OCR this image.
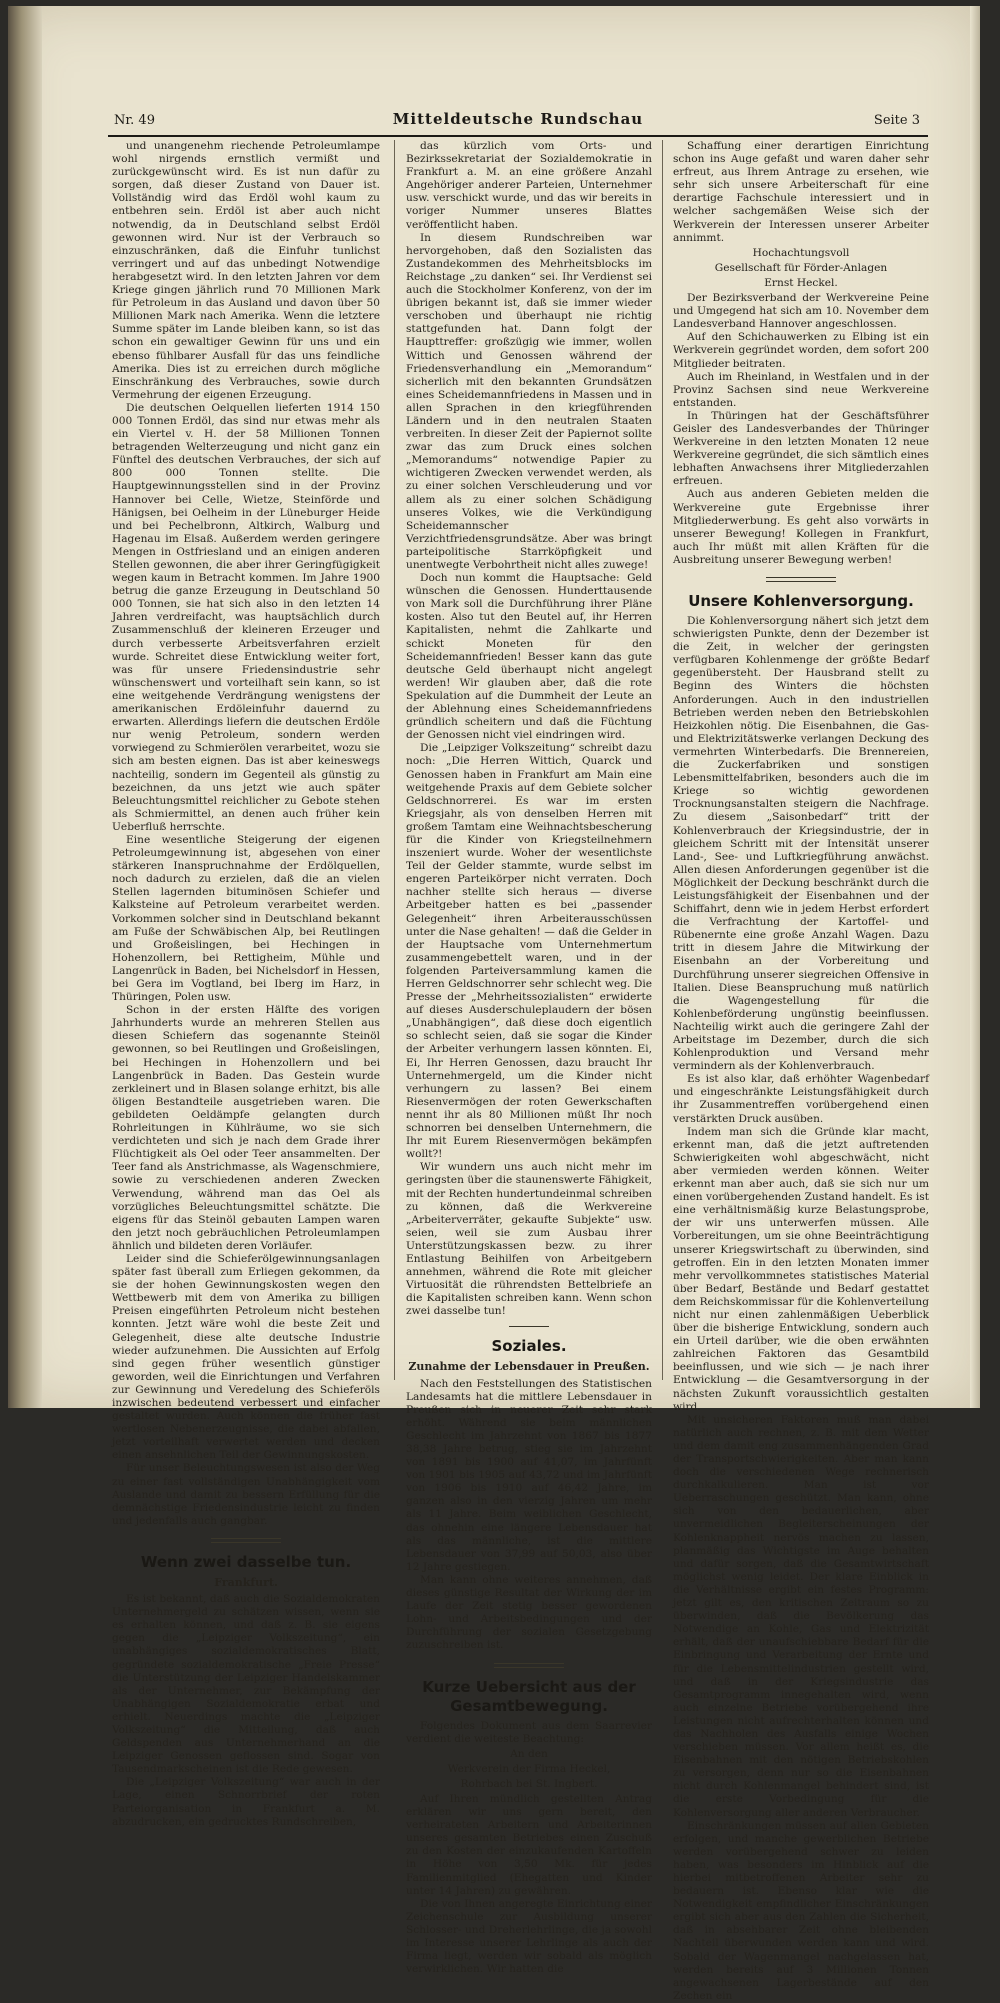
Nr. 49	Mitteldeutsche Rundschau	Seite 3

und unangenehm riechende Petroleumlampe wohl nirgends ernstlich vermißt und zurückgewünscht wird. Es ist nun dafür zu sorgen, daß dieser Zustand von Dauer ist. Vollständig wird das Erdöl wohl kaum zu entbehren sein. Erdöl ist aber auch nicht notwendig, da in Deutschland selbst Erdöl gewonnen wird. Nur ist der Verbrauch so einzuschränken, daß die Einfuhr tunlichst verringert und auf das unbedingt Notwendige herabgesetzt wird. In den letzten Jahren vor dem Kriege gingen jährlich rund 70 Millionen Mark für Petroleum in das Ausland und davon über 50 Millionen Mark nach Amerika. Wenn die letztere Summe später im Lande bleiben kann, so ist das schon ein gewaltiger Gewinn für uns und ein ebenso fühlbarer Ausfall für das uns feindliche Amerika. Dies ist zu erreichen durch mögliche Einschränkung des Verbrauches, sowie durch Vermehrung der eigenen Erzeugung.

Die deutschen Oelquellen lieferten 1914 150 000 Tonnen Erdöl, das sind nur etwas mehr als ein Viertel v. H. der 58 Millionen Tonnen betragenden Welterzeugung und nicht ganz ein Fünftel des deutschen Verbrauches, der sich auf 800 000 Tonnen stellte. Die Hauptgewinnungsstellen sind in der Provinz Hannover bei Celle, Wietze, Steinförde und Hänigsen, bei Oelheim in der Lüneburger Heide und bei Pechelbronn, Altkirch, Walburg und Hagenau im Elsaß. Außerdem werden geringere Mengen in Ostfriesland und an einigen anderen Stellen gewonnen, die aber ihrer Geringfügigkeit wegen kaum in Betracht kommen. Im Jahre 1900 betrug die ganze Erzeugung in Deutschland 50 000 Tonnen, sie hat sich also in den letzten 14 Jahren verdreifacht, was hauptsächlich durch Zusammenschluß der kleineren Erzeuger und durch verbesserte Arbeitsverfahren erzielt wurde. Schreitet diese Entwicklung weiter fort, was für unsere Friedensindustrie sehr wünschenswert und vorteilhaft sein kann, so ist eine weitgehende Verdrängung wenigstens der amerikanischen Erdöleinfuhr dauernd zu erwarten. Allerdings liefern die deutschen Erdöle nur wenig Petroleum, sondern werden vorwiegend zu Schmierölen verarbeitet, wozu sie sich am besten eignen. Das ist aber keineswegs nachteilig, sondern im Gegenteil als günstig zu bezeichnen, da uns jetzt wie auch später Beleuchtungsmittel reichlicher zu Gebote stehen als Schmiermittel, an denen auch früher kein Ueberfluß herrschte.

Eine wesentliche Steigerung der eigenen Petroleumgewinnung ist, abgesehen von einer stärkeren Inanspruchnahme der Erdölquellen, noch dadurch zu erzielen, daß die an vielen Stellen lagernden bituminösen Schiefer und Kalksteine auf Petroleum verarbeitet werden. Vorkommen solcher sind in Deutschland bekannt am Fuße der Schwäbischen Alp, bei Reutlingen und Großeislingen, bei Hechingen in Hohenzollern, bei Rettigheim, Mühle und Langenrück in Baden, bei Nichelsdorf in Hessen, bei Gera im Vogtland, bei Iberg im Harz, in Thüringen, Polen usw.

Schon in der ersten Hälfte des vorigen Jahrhunderts wurde an mehreren Stellen aus diesen Schiefern das sogenannte Steinöl gewonnen, so bei Reutlingen und Großeislingen, bei Hechingen in Hohenzollern und bei Langenbrück in Baden. Das Gestein wurde zerkleinert und in Blasen solange erhitzt, bis alle öligen Bestandteile ausgetrieben waren. Die gebildeten Oeldämpfe gelangten durch Rohrleitungen in Kühlräume, wo sie sich verdichteten und sich je nach dem Grade ihrer Flüchtigkeit als Oel oder Teer ansammelten. Der Teer fand als Anstrichmasse, als Wagenschmiere, sowie zu verschiedenen anderen Zwecken Verwendung, während man das Oel als vorzügliches Beleuchtungsmittel schätzte. Die eigens für das Steinöl gebauten Lampen waren den jetzt noch gebräuchlichen Petroleumlampen ähnlich und bildeten deren Vorläufer.

Leider sind die Schieferölgewinnungsanlagen später fast überall zum Erliegen gekommen, da sie der hohen Gewinnungskosten wegen den Wettbewerb mit dem von Amerika zu billigen Preisen eingeführten Petroleum nicht bestehen konnten. Jetzt wäre wohl die beste Zeit und Gelegenheit, diese alte deutsche Industrie wieder aufzunehmen. Die Aussichten auf Erfolg sind gegen früher wesentlich günstiger geworden, weil die Einrichtungen und Verfahren zur Gewinnung und Veredelung des Schieferöls inzwischen bedeutend verbessert und einfacher gestaltet wurden. Auch können die früher fast wertlosen Nebenerzeugnisse, die dabei abfallen, jetzt vorteilhaft verwertet werden und decken einen ansehnlichen Teil der Gewinnungskosten.

Für unser Beleuchtungswesen ist also der Weg zu einer fast vollständigen Unabhängigkeit vom Auslande und damit zu bessern Erfüllung für die demnächstige Friedensindustrie leicht zu finden und jedenfalls auch gangbar.

Wenn zwei dasselbe tun.
Frankfurt.

Es ist bekannt, daß auch die Sozialdemokraten Unternehmergeld zu schätzen wissen, wenn sie es erhalten können, und daß z. B. sie eigens gegen die „Leipziger Volkszeitung“, ein unabhängiges sozialdemokratisches Blatt, gegründete sozialdemokratische „Freie Presse“ die Unterstützung der Leipziger Handelskammer als der Unternehmer, zur Bekämpfung der Unabhängigen Sozialdemokratie erbat und erhielt. Neuerdings machte die „Leipziger Volkszeitung“ die Mitteilung, daß auch Geldspenden aus Unternehmerhand an die Leipziger Genossen geflossen sind. Sogar von Tausendmarkscheinen ist die Rede gewesen.

Die „Leipziger Volkszeitung“ war auch in der Lage, einen Schnorrbrief der roten Parteiorganisation in Frankfurt a. M. abzudrucken, ein gedrucktes Rundschreiben,

das kürzlich vom Orts- und Bezirkssekretariat der Sozialdemokratie in Frankfurt a. M. an eine größere Anzahl Angehöriger anderer Parteien, Unternehmer usw. verschickt wurde, und das wir bereits in voriger Nummer unseres Blattes veröffentlicht haben.

In diesem Rundschreiben war hervorgehoben, daß den Sozialisten das Zustandekommen des Mehrheitsblocks im Reichstage „zu danken“ sei. Ihr Verdienst sei auch die Stockholmer Konferenz, von der im übrigen bekannt ist, daß sie immer wieder verschoben und überhaupt nie richtig stattgefunden hat. Dann folgt der Haupttreffer: großzügig wie immer, wollen Wittich und Genossen während der Friedensverhandlung ein „Memorandum“ sicherlich mit den bekannten Grundsätzen eines Scheidemannfriedens in Massen und in allen Sprachen in den kriegführenden Ländern und in den neutralen Staaten verbreiten. In dieser Zeit der Papiernot sollte zwar das zum Druck eines solchen „Memorandums“ notwendige Papier zu wichtigeren Zwecken verwendet werden, als zu einer solchen Verschleuderung und vor allem als zu einer solchen Schädigung unseres Volkes, wie die Verkündigung Scheidemannscher Verzichtfriedensgrundsätze. Aber was bringt parteipolitische Starrköpfigkeit und unentwegte Verbohrtheit nicht alles zuwege!

Doch nun kommt die Hauptsache: Geld wünschen die Genossen. Hunderttausende von Mark soll die Durchführung ihrer Pläne kosten. Also tut den Beutel auf, ihr Herren Kapitalisten, nehmt die Zahlkarte und schickt Moneten für den Scheidemannfrieden! Besser kann das gute deutsche Geld überhaupt nicht angelegt werden! Wir glauben aber, daß die rote Spekulation auf die Dummheit der Leute an der Ablehnung eines Scheidemannfriedens gründlich scheitern und daß die Füchtung der Genossen nicht viel eindringen wird.

Die „Leipziger Volkszeitung“ schreibt dazu noch: „Die Herren Wittich, Quarck und Genossen haben in Frankfurt am Main eine weitgehende Praxis auf dem Gebiete solcher Geldschnorrerei. Es war im ersten Kriegsjahr, als von denselben Herren mit großem Tamtam eine Weihnachtsbescherung für die Kinder von Kriegsteilnehmern inszeniert wurde. Woher der wesentlichste Teil der Gelder stammte, wurde selbst im engeren Parteikörper nicht verraten. Doch nachher stellte sich heraus — diverse Arbeitgeber hatten es bei „passender Gelegenheit“ ihren Arbeiterausschüssen unter die Nase gehalten! — daß die Gelder in der Hauptsache vom Unternehmertum zusammengebettelt waren, und in der folgenden Parteiversammlung kamen die Herren Geldschnorrer sehr schlecht weg. Die Presse der „Mehrheitssozialisten“ erwiderte auf dieses Ausderschuleplaudern der bösen „Unabhängigen“, daß diese doch eigentlich so schlecht seien, daß sie sogar die Kinder der Arbeiter verhungern lassen könnten. Ei, Ei, Ihr Herren Genossen, dazu braucht Ihr Unternehmergeld, um die Kinder nicht verhungern zu lassen? Bei einem Riesenvermögen der roten Gewerkschaften nennt ihr als 80 Millionen müßt Ihr noch schnorren bei denselben Unternehmern, die Ihr mit Eurem Riesenvermögen bekämpfen wollt?!

Wir wundern uns auch nicht mehr im geringsten über die staunenswerte Fähigkeit, mit der Rechten hundertundeinmal schreiben zu können, daß die Werkvereine „Arbeiterverräter, gekaufte Subjekte“ usw. seien, weil sie zum Ausbau ihrer Unterstützungskassen bezw. zu ihrer Entlastung Beihilfen von Arbeitgebern annehmen, während die Rote mit gleicher Virtuosität die rührendsten Bettelbriefe an die Kapitalisten schreiben kann. Wenn schon zwei dasselbe tun!

Soziales.
Zunahme der Lebensdauer in Preußen.

Nach den Feststellungen des Statistischen Landesamts hat die mittlere Lebensdauer in Preußen sich in neuerer Zeit sehr stark erhöht. Während sie beim männlichen Geschlecht im Jahrzehnt von 1867 bis 1877 38,38 Jahre betrug, stieg sie im Jahrzehnt von 1891 bis 1900 auf 41,07, im Jahrfünft von 1901 bis 1905 auf 43,72 und im Jahrfünft von 1906 bis 1910 auf 46,42 Jahre, im ganzen also in den vierzig Jahren um mehr als 11 Jahre. Beim weiblichen Geschlecht, das ohnehin eine längere Lebensdauer hat als das männliche, ist die mittlere Lebensdauer von 37,99 auf 50,03, also über 12 Jahre gestiegen.

Man kann ohne weiteres annehmen, daß dieses günstige Resultat der Wirkung der im Laufe der Zeit stetig besser gewordenen Lohn- und Arbeitsbedingungen und der Durchführung der sozialen Gesetzgebung zuzuschreiben ist.

Kurze Uebersicht aus der Gesamtbewegung.

Folgendes Dokument aus dem Saarrevier verdient die weiteste Beachtung:

An den

Werkverein der Firma Heckel,

Rohrbach bei St. Ingbert.

Auf Ihren mündlich gestellten Antrag erklären wir uns gern bereit, den verheirateten Arbeitern und Arbeiterinnen unseres gesamten Betriebes einen Zuschuß zu den Kosten der einzukaufenden Kartoffeln in Höhe von 3,50 Mk. für jedes Familienmitglied (Ehegatten und Kinder unter 14 Jahren) zu gewähren.

Die von Ihnen angeregte Einrichtung einer Zeichenschule zur Ausbildung unserer Schlosser- und Dreherlehrlinge, die ja sowohl im Interesse unserer Lehrlinge als auch der Firma liegt, werden wir sobald als möglich verwirklichen. Wir hatten die

Schaffung einer derartigen Einrichtung schon ins Auge gefaßt und waren daher sehr erfreut, aus Ihrem Antrage zu ersehen, wie sehr sich unsere Arbeiterschaft für eine derartige Fachschule interessiert und in welcher sachgemäßen Weise sich der Werkverein der Interessen unserer Arbeiter annimmt.

Hochachtungsvoll

Gesellschaft für Förder-Anlagen

Ernst Heckel.

Der Bezirksverband der Werkvereine Peine und Umgegend hat sich am 10. November dem Landesverband Hannover angeschlossen.

Auf den Schichauwerken zu Elbing ist ein Werkverein gegründet worden, dem sofort 200 Mitglieder beitraten.

Auch im Rheinland, in Westfalen und in der Provinz Sachsen sind neue Werkvereine entstanden.

In Thüringen hat der Geschäftsführer Geisler des Landesverbandes der Thüringer Werkvereine in den letzten Monaten 12 neue Werkvereine gegründet, die sich sämtlich eines lebhaften Anwachsens ihrer Mitgliederzahlen erfreuen.

Auch aus anderen Gebieten melden die Werkvereine gute Ergebnisse ihrer Mitgliederwerbung. Es geht also vorwärts in unserer Bewegung! Kollegen in Frankfurt, auch Ihr müßt mit allen Kräften für die Ausbreitung unserer Bewegung werben!

Unsere Kohlenversorgung.

Die Kohlenversorgung nähert sich jetzt dem schwierigsten Punkte, denn der Dezember ist die Zeit, in welcher der geringsten verfügbaren Kohlenmenge der größte Bedarf gegenübersteht. Der Hausbrand stellt zu Beginn des Winters die höchsten Anforderungen. Auch in den industriellen Betrieben werden neben den Betriebskohlen Heizkohlen nötig. Die Eisenbahnen, die Gas- und Elektrizitätswerke verlangen Deckung des vermehrten Winterbedarfs. Die Brennereien, die Zuckerfabriken und sonstigen Lebensmittelfabriken, besonders auch die im Kriege so wichtig gewordenen Trocknungsanstalten steigern die Nachfrage. Zu diesem „Saisonbedarf“ tritt der Kohlenverbrauch der Kriegsindustrie, der in gleichem Schritt mit der Intensität unserer Land-, See- und Luftkriegführung anwächst. Allen diesen Anforderungen gegenüber ist die Möglichkeit der Deckung beschränkt durch die Leistungsfähigkeit der Eisenbahnen und der Schiffahrt, denn wie in jedem Herbst erfordert die Verfrachtung der Kartoffel- und Rübenernte eine große Anzahl Wagen. Dazu tritt in diesem Jahre die Mitwirkung der Eisenbahn an der Vorbereitung und Durchführung unserer siegreichen Offensive in Italien. Diese Beanspruchung muß natürlich die Wagengestellung für die Kohlenbeförderung ungünstig beeinflussen. Nachteilig wirkt auch die geringere Zahl der Arbeitstage im Dezember, durch die sich Kohlenproduktion und Versand mehr vermindern als der Kohlenverbrauch.

Es ist also klar, daß erhöhter Wagenbedarf und eingeschränkte Leistungsfähigkeit durch ihr Zusammentreffen vorübergehend einen verstärkten Druck ausüben.

Indem man sich die Gründe klar macht, erkennt man, daß die jetzt auftretenden Schwierigkeiten wohl abgeschwächt, nicht aber vermieden werden können. Weiter erkennt man aber auch, daß sie sich nur um einen vorübergehenden Zustand handelt. Es ist eine verhältnismäßig kurze Belastungsprobe, der wir uns unterwerfen müssen. Alle Vorbereitungen, um sie ohne Beeinträchtigung unserer Kriegswirtschaft zu überwinden, sind getroffen. Ein in den letzten Monaten immer mehr vervollkommnetes statistisches Material über Bedarf, Bestände und Bedarf gestattet dem Reichskommissar für die Kohlenverteilung nicht nur einen zahlenmäßigen Ueberblick über die bisherige Entwicklung, sondern auch ein Urteil darüber, wie die oben erwähnten zahlreichen Faktoren das Gesamtbild beeinflussen, und wie sich — je nach ihrer Entwicklung — die Gesamtversorgung in der nächsten Zukunft voraussichtlich gestalten wird.

Mit unsicheren Faktoren muß man dabei natürlich auch rechnen, z. B. mit dem Wetter und dem damit eng zusammenhängenden Grad der Transportschwierigkeiten. Aber man kann doch die verschiedenen Wege rechnerisch durchkalkulieren. Man ist vor Ueberraschungen geschützt. Man kann, ohne sich von den bedauerlichen, aber unvermeidlichen Begleiterscheinungen der Kohlenknappheit nervös machen zu lassen, planmäßig das Wichtigste im Auge behalten und dafür sorgen, daß die Gesamtwirtschaft möglichst wenig leidet. Der klare Einblick in die Verhältnisse ergibt ein festes Programm: jetzt gilt es, den kritischen Zeitraum so zu überwinden, daß die Bevölkerung das Notwendige an Kohle, Gas und Elektrizität erhält, daß der unaufschiebbare Bedarf für die Einbringung und Verarbeitung der Ernte und für die Lebensmittelindustrien gestellt wird, und daß in der Kriegsindustrie das Gesamtprogramm innegehalten wird, wenn auch einzelne Betriebe vorübergehend ihre Leistungen nicht aufrechterhalten können und das Nachholen des Ausfalls einige Wochen verschieben müssen. Vor allem heißt es, die Eisenbahnen mit den nötigen Betriebskohlen zu versorgen, denn nur so die Eisenbahnen nicht durch Kohlenmangel behindert sind, ist die erste Vorbedingung für die Kohlenversorgung aller anderen Verbraucher.

Einschränkungen müssen auf allen Gebieten erfolgen, und manche gewerblichen Betriebe werden vorübergehend schwer zu leiden haben, was besonders im Hinblick auf die hierbei mitbetroffenen Arbeiter sehr zu bedauern ist. Ebenso klar wie die Notwendigkeit empfindlicher Einschränkungen ergibt sich aber aus den Zahlen die Sicherheit, daß in absehbarer Zeit ohne bleibenden Nachteil überwunden werden kann und wird. Sobald der Wagenmangel nachgelassen hat, werden bereits auf 3 Millionen Tonnen angewachsenen Lagerbestände auf den Zechen ein
